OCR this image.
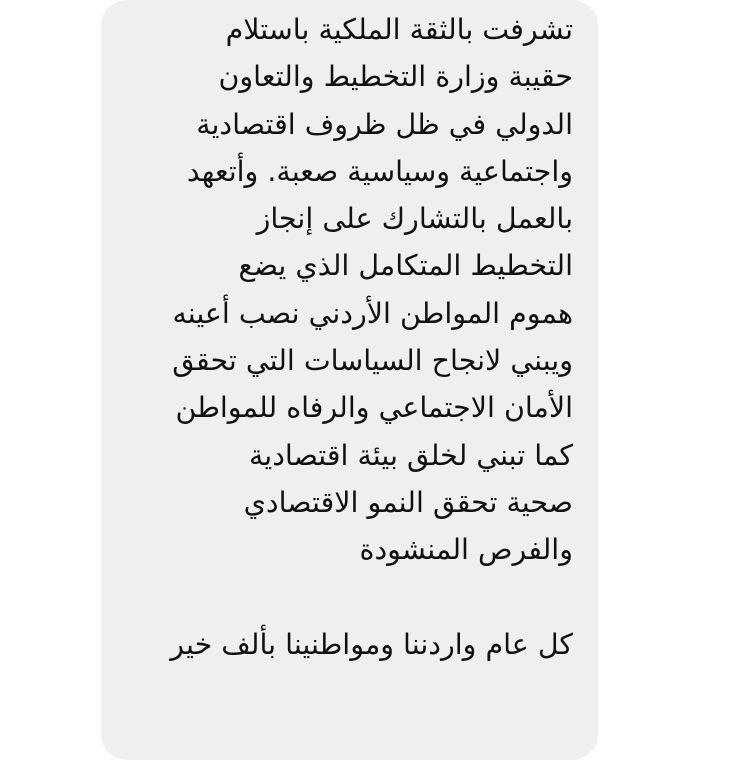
تشرفت بالثقة الملكية باستلام
حقيبة وزارة التخطيط والتعاون
الدولي في ظل ظروف اقتصادية
واجتماعية وسياسية صعبة. وأتعهد
بالعمل بالتشارك على إنجاز
التخطيط المتكامل الذي يضع
هموم المواطن الأردني نصب أعينه
ويبني لانجاح السياسات التي تحقق
الأمان الاجتماعي والرفاه للمواطن
كما تبني لخلق بيئة اقتصادية
صحية تحقق النمو الاقتصادي
والفرص المنشودة
كل عام واردننا ومواطنينا بألف خير
